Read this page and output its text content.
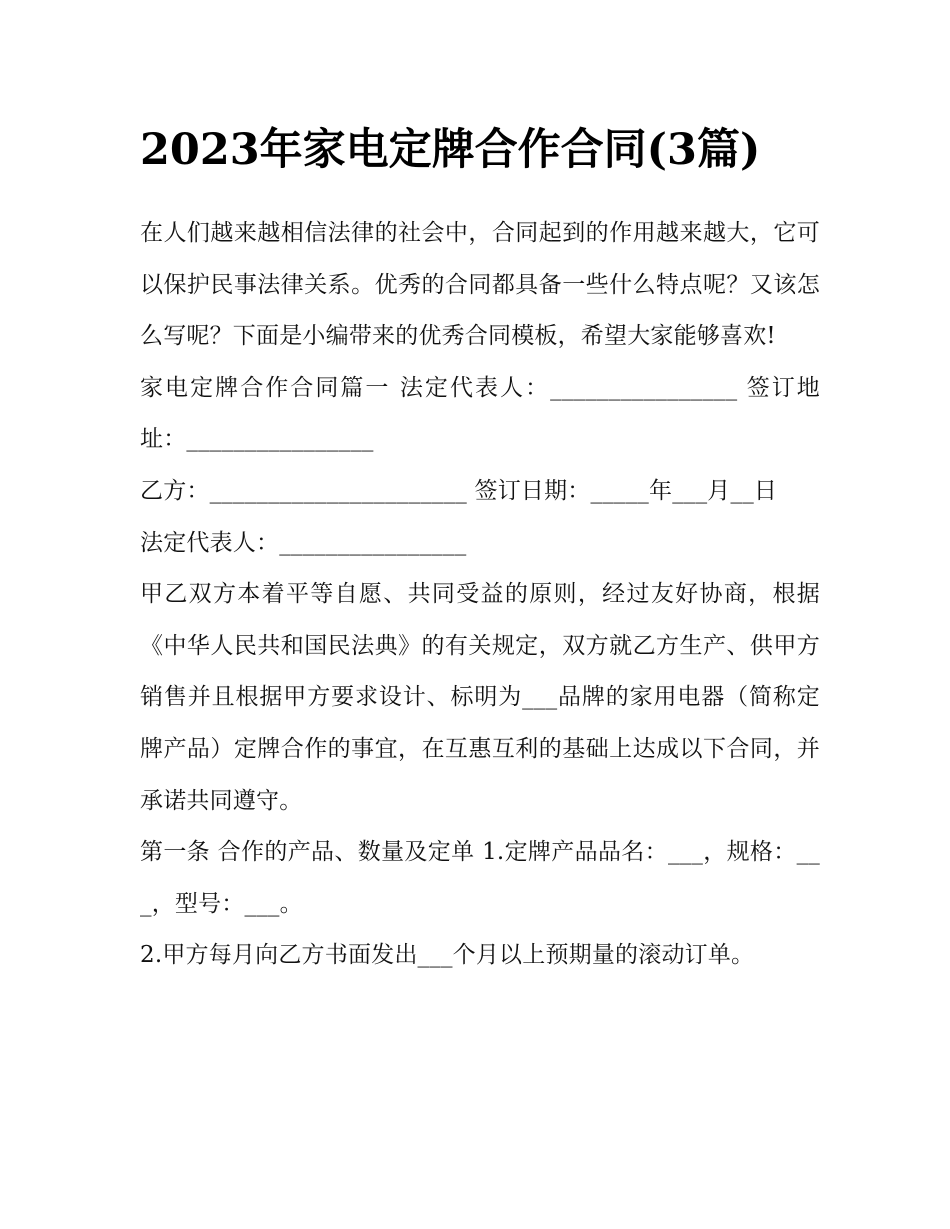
2023年家电定牌合作合同(3篇)

在人们越来越相信法律的社会中，合同起到的作用越来越大，它可以保护民事法律关系。优秀的合同都具备一些什么特点呢？又该怎么写呢？下面是小编带来的优秀合同模板，希望大家能够喜欢!

家电定牌合作合同篇一 法定代表人：________________ 签订地址：________________

乙方：______________________ 签订日期：_____年___月__日

法定代表人：________________

甲乙双方本着平等自愿、共同受益的原则，经过友好协商，根据《中华人民共和国民法典》的有关规定，双方就乙方生产、供甲方销售并且根据甲方要求设计、标明为___品牌的家用电器（简称定牌产品）定牌合作的事宜，在互惠互利的基础上达成以下合同，并承诺共同遵守。

第一条 合作的产品、数量及定单 1.定牌产品品名：___，规格：___，型号：___。

2.甲方每月向乙方书面发出___个月以上预期量的滚动订单。
